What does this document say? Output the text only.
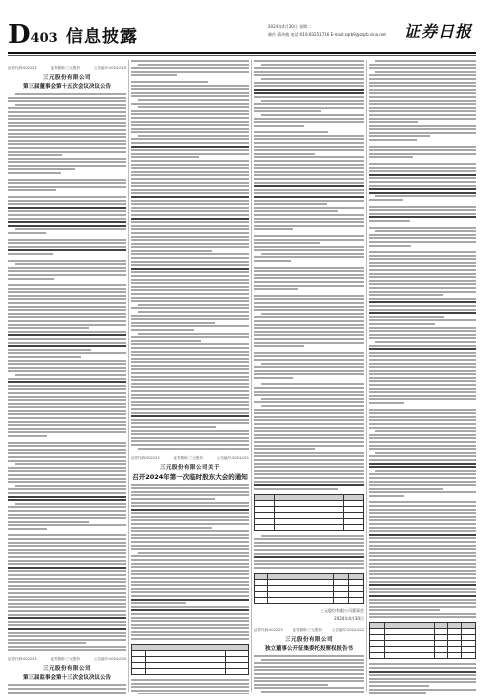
D403 信息披露
2024年4月30日 星期二
制作 蒋传敏 电话:010-83251716 E-mail:zqrb9@zqrb.sina.net 证券日报
证券代码:002223	证券简称:三元股份	公告编号:2024-019
三元股份有限公司
第三届董事会第十五次会议决议公告
证券代码:002223	证券简称:三元股份	公告编号:2024-020
三元股份有限公司
第三届监事会第十三次会议决议公告
证券代码:002223	证券简称:三元股份	公告编号:2024-021
三元股份有限公司关于
召开2024年第一次临时股东大会的通知

三元股份有限公司董事会
2024年4月30日
证券代码:002223	证券简称:三元股份	公告编号:2024-022
三元股份有限公司
独立董事公开征集委托投票权报告书
